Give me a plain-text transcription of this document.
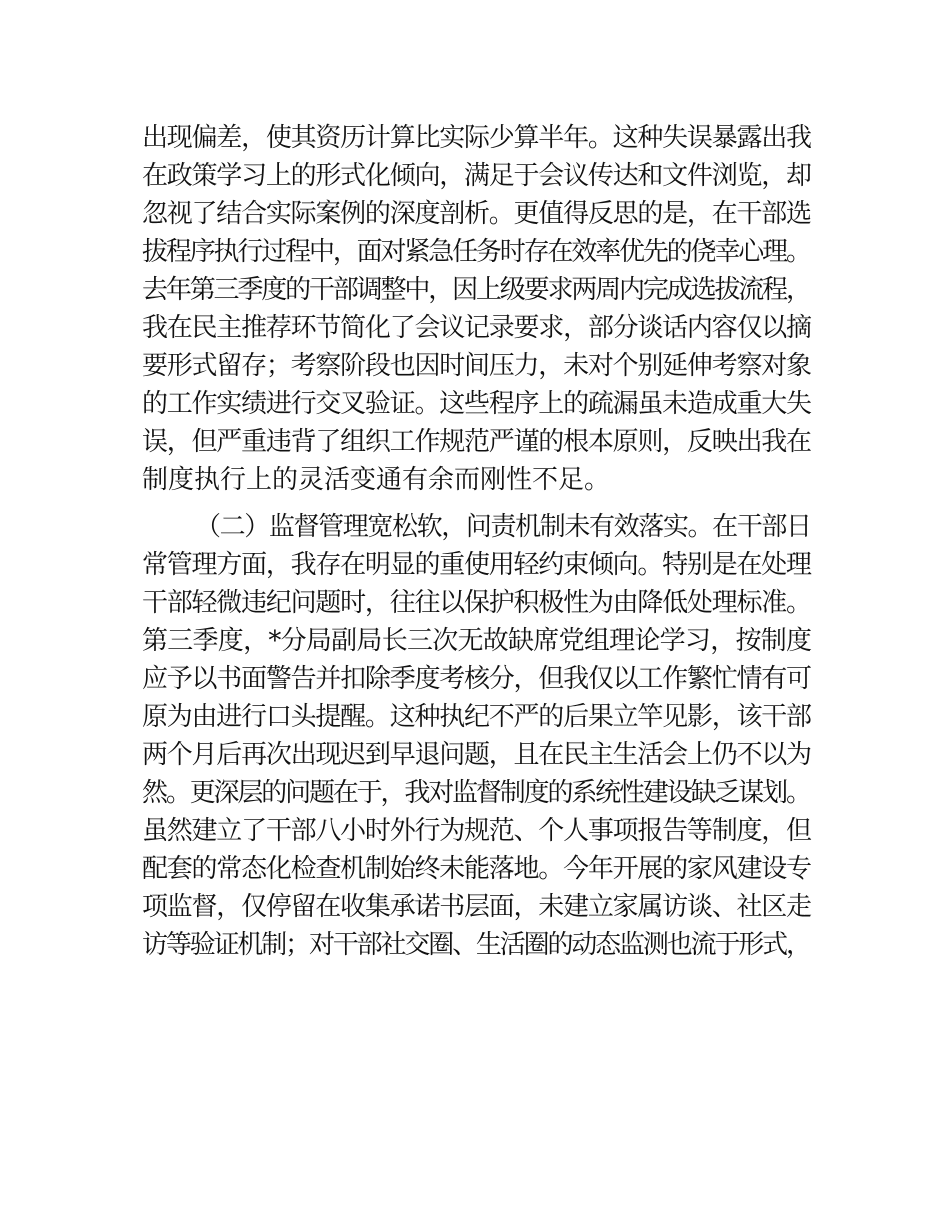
出现偏差，使其资历计算比实际少算半年。这种失误暴露出我
在政策学习上的形式化倾向，满足于会议传达和文件浏览，却
忽视了结合实际案例的深度剖析。更值得反思的是，在干部选
拔程序执行过程中，面对紧急任务时存在效率优先的侥幸心理。
去年第三季度的干部调整中，因上级要求两周内完成选拔流程，
我在民主推荐环节简化了会议记录要求，部分谈话内容仅以摘
要形式留存；考察阶段也因时间压力，未对个别延伸考察对象
的工作实绩进行交叉验证。这些程序上的疏漏虽未造成重大失
误，但严重违背了组织工作规范严谨的根本原则，反映出我在
制度执行上的灵活变通有余而刚性不足。
（二）监督管理宽松软，问责机制未有效落实。在干部日
常管理方面，我存在明显的重使用轻约束倾向。特别是在处理
干部轻微违纪问题时，往往以保护积极性为由降低处理标准。
第三季度，*分局副局长三次无故缺席党组理论学习，按制度
应予以书面警告并扣除季度考核分，但我仅以工作繁忙情有可
原为由进行口头提醒。这种执纪不严的后果立竿见影，该干部
两个月后再次出现迟到早退问题，且在民主生活会上仍不以为
然。更深层的问题在于，我对监督制度的系统性建设缺乏谋划。
虽然建立了干部八小时外行为规范、个人事项报告等制度，但
配套的常态化检查机制始终未能落地。今年开展的家风建设专
项监督，仅停留在收集承诺书层面，未建立家属访谈、社区走
访等验证机制；对干部社交圈、生活圈的动态监测也流于形式，
